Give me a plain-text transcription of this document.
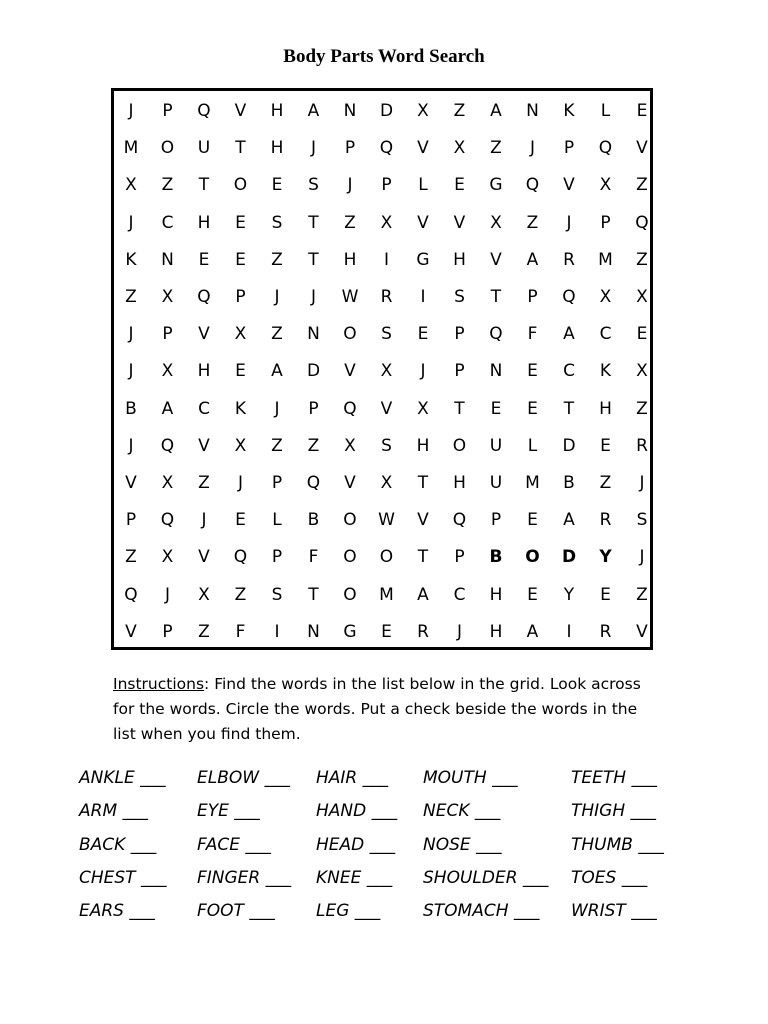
Body Parts Word Search
J	P	Q	V	H	A	N	D	X	Z	A	N	K	L	E
M	O	U	T	H	J	P	Q	V	X	Z	J	P	Q	V
X	Z	T	O	E	S	J	P	L	E	G	Q	V	X	Z
J	C	H	E	S	T	Z	X	V	V	X	Z	J	P	Q
K	N	E	E	Z	T	H	I	G	H	V	A	R	M	Z
Z	X	Q	P	J	J	W	R	I	S	T	P	Q	X	X
J	P	V	X	Z	N	O	S	E	P	Q	F	A	C	E
J	X	H	E	A	D	V	X	J	P	N	E	C	K	X
B	A	C	K	J	P	Q	V	X	T	E	E	T	H	Z
J	Q	V	X	Z	Z	X	S	H	O	U	L	D	E	R
V	X	Z	J	P	Q	V	X	T	H	U	M	B	Z	J
P	Q	J	E	L	B	O	W	V	Q	P	E	A	R	S
Z	X	V	Q	P	F	O	O	T	P	B	O	D	Y	J
Q	J	X	Z	S	T	O	M	A	C	H	E	Y	E	Z
V	P	Z	F	I	N	G	E	R	J	H	A	I	R	V
Instructions: Find the words in the list below in the grid. Look across for the words. Circle the words. Put a check beside the words in the list when you find them.
ANKLE ___ ELBOW ___ HAIR ___ MOUTH ___	TEETH ___
ARM ___	EYE ___	HAND ___ NECK ___	THIGH ___
BACK ___ FACE ___	HEAD ___ NOSE ___	THUMB ___
CHEST ___ FINGER ___ KNEE ___ SHOULDER ___ TOES ___
EARS ___ FOOT ___ LEG ___	STOMACH ___ WRIST ___
